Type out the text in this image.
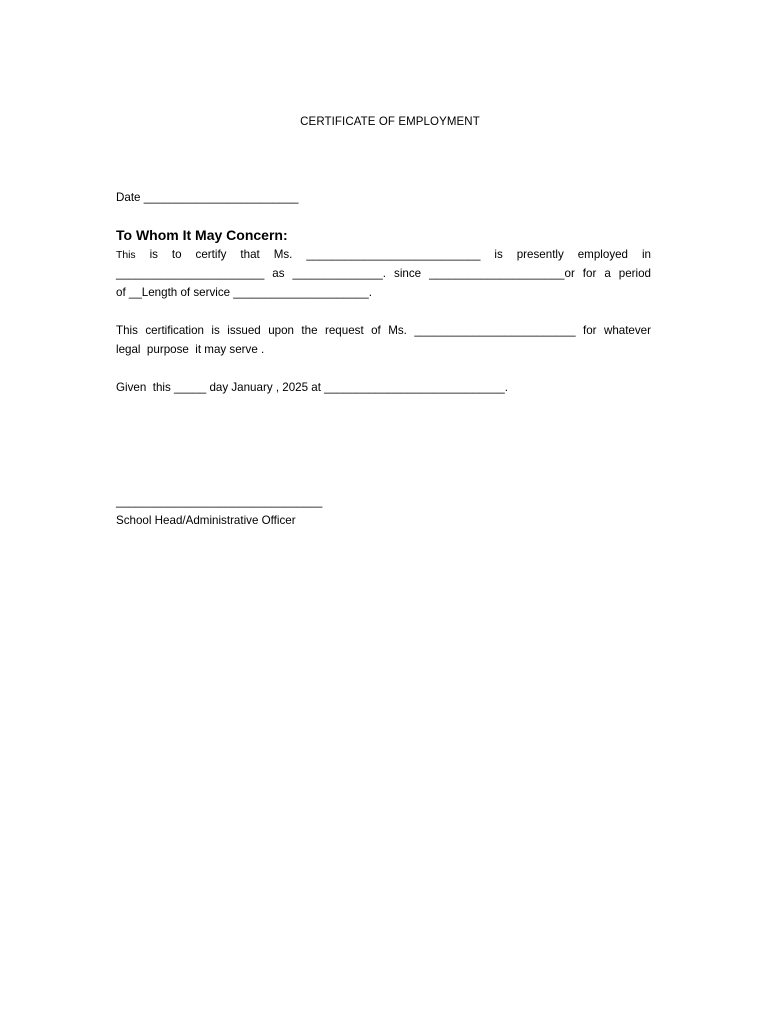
CERTIFICATE OF EMPLOYMENT
Date ________________________
To Whom It May Concern:
This is to certify that Ms. ___________________________ is presently employed in
_______________________ as ______________. since _____________________or for a period
of __Length of service _____________________.
This certification is issued upon the request of Ms. _________________________ for whatever
legal  purpose  it may serve .
Given  this _____ day January , 2025 at ____________________________.
________________________________
School Head/Administrative Officer
